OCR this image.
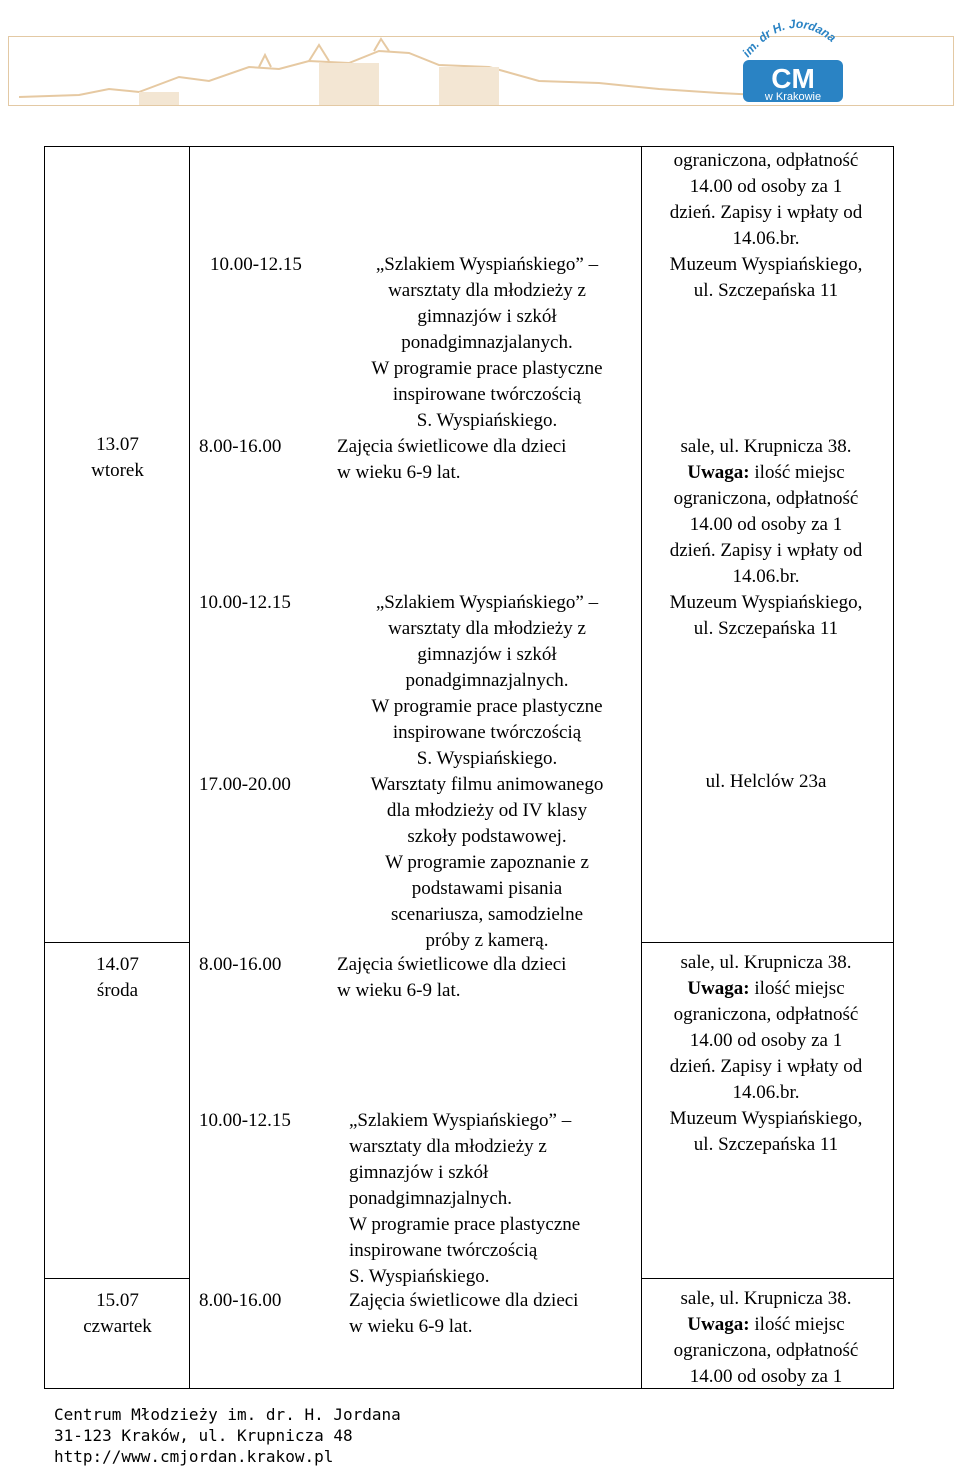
im. dr H. Jordana
CM
w Krakowie
13.07
wtorek
14.07
środa
15.07
czwartek
10.00-12.15
8.00-16.00
10.00-12.15
17.00-20.00
8.00-16.00
10.00-12.15
8.00-16.00
„Szlakiem Wyspiańskiego” –
warsztaty dla młodzieży z
gimnazjów i szkół
ponadgimnazjalanych.
W programie prace plastyczne
inspirowane twórczością
S. Wyspiańskiego.
Zajęcia świetlicowe dla dzieci
w wieku 6-9 lat.
„Szlakiem Wyspiańskiego” –
warsztaty dla młodzieży z
gimnazjów i szkół
ponadgimnazjalnych.
W programie prace plastyczne
inspirowane twórczością
S. Wyspiańskiego.
Warsztaty filmu animowanego
dla młodzieży od IV klasy
szkoły podstawowej.
W programie zapoznanie z
podstawami pisania
scenariusza, samodzielne
próby z kamerą.
Zajęcia świetlicowe dla dzieci
w wieku 6-9 lat.
„Szlakiem Wyspiańskiego” –
warsztaty dla młodzieży z
gimnazjów i szkół
ponadgimnazjalnych.
W programie prace plastyczne
inspirowane twórczością
S. Wyspiańskiego.
Zajęcia świetlicowe dla dzieci
w wieku 6-9 lat.
ograniczona, odpłatność
14.00 od osoby za 1
dzień. Zapisy i wpłaty od
14.06.br.
Muzeum Wyspiańskiego,
ul. Szczepańska 11
sale, ul. Krupnicza 38.
Uwaga: ilość miejsc
ograniczona, odpłatność
14.00 od osoby za 1
dzień. Zapisy i wpłaty od
14.06.br.
Muzeum Wyspiańskiego,
ul. Szczepańska 11
ul. Helclów 23a
sale, ul. Krupnicza 38.
Uwaga: ilość miejsc
ograniczona, odpłatność
14.00 od osoby za 1
dzień. Zapisy i wpłaty od
14.06.br.
Muzeum Wyspiańskiego,
ul. Szczepańska 11
sale, ul. Krupnicza 38.
Uwaga: ilość miejsc
ograniczona, odpłatność
14.00 od osoby za 1
Centrum Młodzieży im. dr. H. Jordana
31-123 Kraków, ul. Krupnicza 48
http://www.cmjordan.krakow.pl
